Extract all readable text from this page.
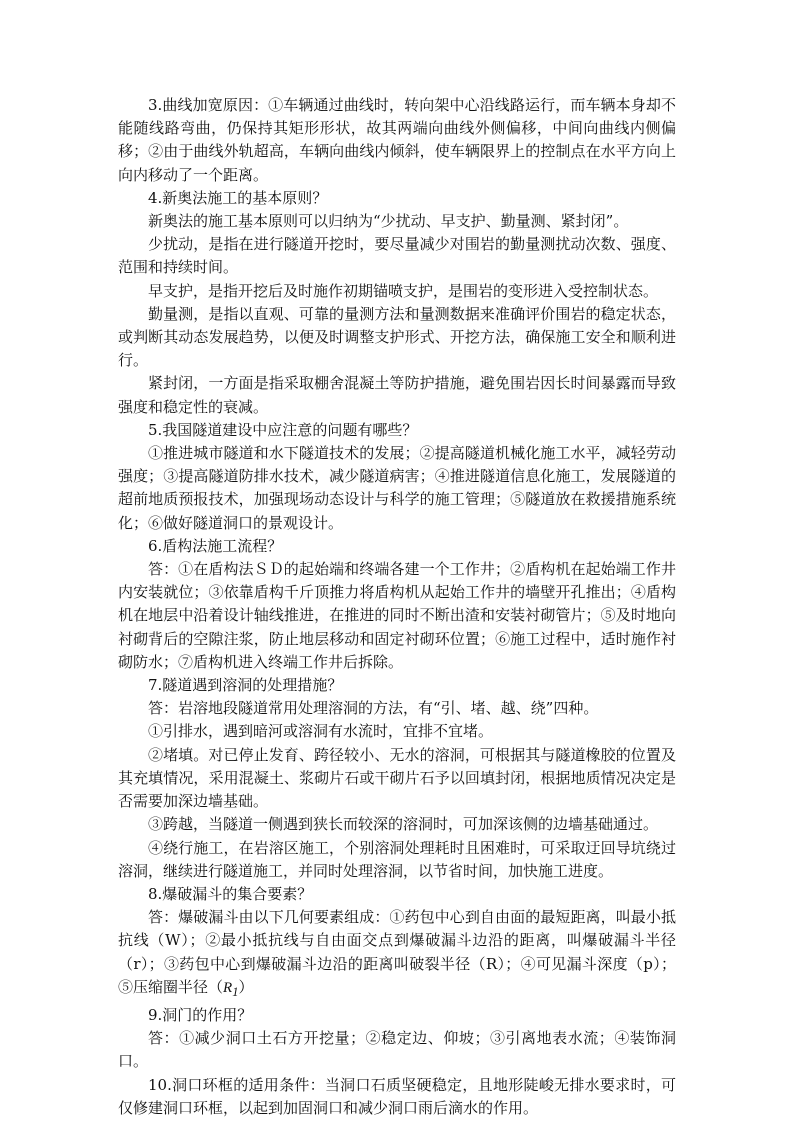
3.曲线加宽原因：①车辆通过曲线时，转向架中心沿线路运行，而车辆本身却不能随线路弯曲，仍保持其矩形形状，故其两端向曲线外侧偏移，中间向曲线内侧偏移；②由于曲线外轨超高，车辆向曲线内倾斜，使车辆限界上的控制点在水平方向上向内移动了一个距离。

4.新奥法施工的基本原则？

新奥法的施工基本原则可以归纳为“少扰动、早支护、勤量测、紧封闭”。

少扰动，是指在进行隧道开挖时，要尽量减少对围岩的勤量测扰动次数、强度、范围和持续时间。

早支护，是指开挖后及时施作初期锚喷支护，是围岩的变形进入受控制状态。

勤量测，是指以直观、可靠的量测方法和量测数据来准确评价围岩的稳定状态，或判断其动态发展趋势，以便及时调整支护形式、开挖方法，确保施工安全和顺利进行。

紧封闭，一方面是指采取棚舍混凝土等防护措施，避免围岩因长时间暴露而导致强度和稳定性的衰减。

5.我国隧道建设中应注意的问题有哪些？

①推进城市隧道和水下隧道技术的发展；②提高隧道机械化施工水平，减轻劳动强度；③提高隧道防排水技术，减少隧道病害；④推进隧道信息化施工，发展隧道的超前地质预报技术，加强现场动态设计与科学的施工管理；⑤隧道放在救援措施系统化；⑥做好隧道洞口的景观设计。

6.盾构法施工流程？

答：①在盾构法ＳＤ的起始端和终端各建一个工作井；②盾构机在起始端工作井内安装就位；③依靠盾构千斤顶推力将盾构机从起始工作井的墙壁开孔推出；④盾构机在地层中沿着设计轴线推进，在推进的同时不断出渣和安装衬砌管片；⑤及时地向衬砌背后的空隙注浆，防止地层移动和固定衬砌环位置；⑥施工过程中，适时施作衬砌防水；⑦盾构机进入终端工作井后拆除。

7.隧道遇到溶洞的处理措施？

答：岩溶地段隧道常用处理溶洞的方法，有“引、堵、越、绕”四种。

①引排水，遇到暗河或溶洞有水流时，宜排不宜堵。

②堵填。对已停止发育、跨径较小、无水的溶洞，可根据其与隧道橡胶的位置及其充填情况，采用混凝土、浆砌片石或干砌片石予以回填封闭，根据地质情况决定是否需要加深边墙基础。

③跨越，当隧道一侧遇到狭长而较深的溶洞时，可加深该侧的边墙基础通过。

④绕行施工，在岩溶区施工，个别溶洞处理耗时且困难时，可采取迂回导坑绕过溶洞，继续进行隧道施工，并同时处理溶洞，以节省时间，加快施工进度。

8.爆破漏斗的集合要素？

答：爆破漏斗由以下几何要素组成：①药包中心到自由面的最短距离，叫最小抵抗线（W）；②最小抵抗线与自由面交点到爆破漏斗边沿的距离，叫爆破漏斗半径（r）；③药包中心到爆破漏斗边沿的距离叫破裂半径（R）；④可见漏斗深度（p）；⑤压缩圈半径$(R_1)$

9.洞门的作用？

答：①减少洞口土石方开挖量；②稳定边、仰坡；③引离地表水流；④装饰洞口。

10.洞口环框的适用条件：当洞口石质坚硬稳定，且地形陡峻无排水要求时，可仅修建洞口环框，以起到加固洞口和减少洞口雨后滴水的作用。
